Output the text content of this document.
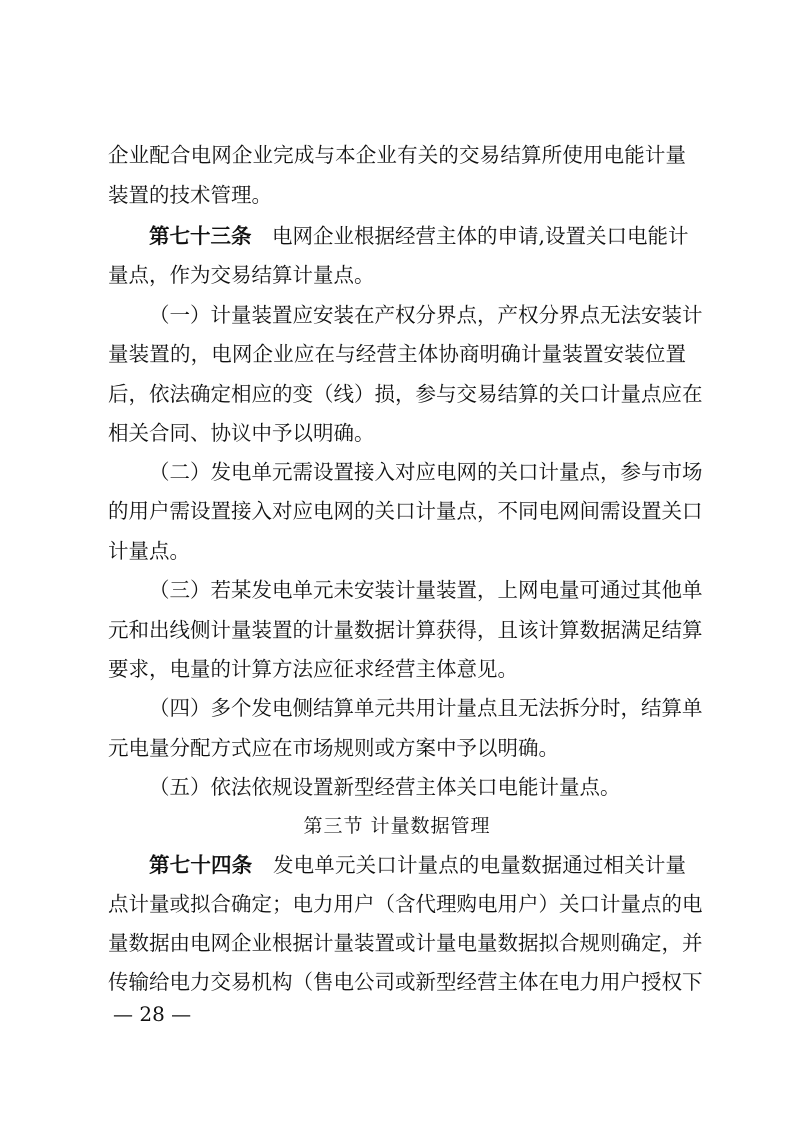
企业配合电网企业完成与本企业有关的交易结算所使用电能计量
装置的技术管理。
第七十三条　 电网企业根据经营主体的申请,设置关口电能计
量点，作为交易结算计量点。
（一）计量装置应安装在产权分界点，产权分界点无法安装计
量装置的，电网企业应在与经营主体协商明确计量装置安装位置
后，依法确定相应的变（线）损，参与交易结算的关口计量点应在
相关合同、协议中予以明确。
（二）发电单元需设置接入对应电网的关口计量点，参与市场
的用户需设置接入对应电网的关口计量点，不同电网间需设置关口
计量点。
（三）若某发电单元未安装计量装置，上网电量可通过其他单
元和出线侧计量装置的计量数据计算获得，且该计算数据满足结算
要求，电量的计算方法应征求经营主体意见。
（四）多个发电侧结算单元共用计量点且无法拆分时，结算单
元电量分配方式应在市场规则或方案中予以明确。
（五）依法依规设置新型经营主体关口电能计量点。
第三节 计量数据管理
第七十四条　 发电单元关口计量点的电量数据通过相关计量
点计量或拟合确定；电力用户（含代理购电用户）关口计量点的电
量数据由电网企业根据计量装置或计量电量数据拟合规则确定，并
传输给电力交易机构（售电公司或新型经营主体在电力用户授权下
— 28 —
